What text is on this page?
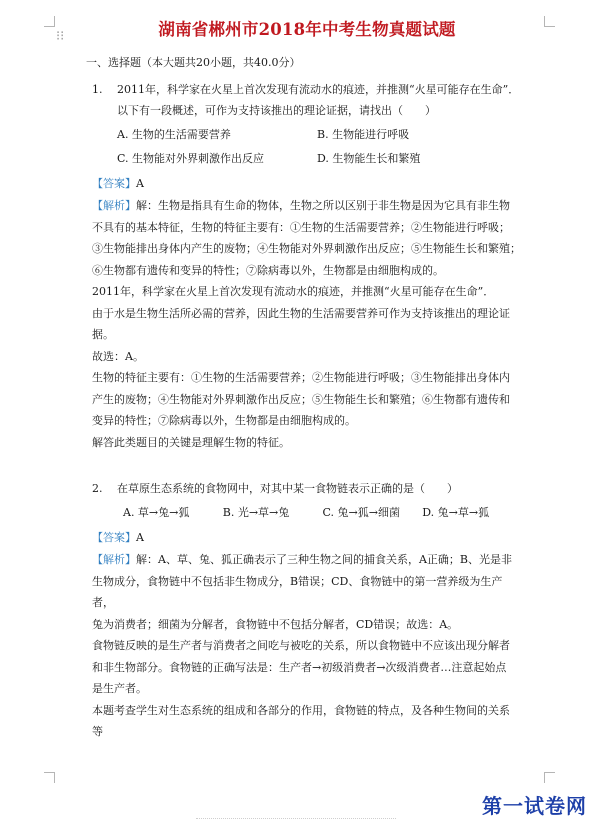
⁝⁝	湖南省郴州市2018年中考生物真题试题
一、选择题（本大题共20小题，共40.0分）
1.	2011年，科学家在火星上首次发现有流动水的痕迹，并推测“火星可能存在生命”．
以下有一段概述，可作为支持该推出的理论证据，请找出（　　）
A. 生物的生活需要营养	B. 生物能进行呼吸
C. 生物能对外界刺激作出反应	D. 生物能生长和繁殖
【答案】A
【解析】解：生物是指具有生命的物体，生物之所以区别于非生物是因为它具有非生物
不具有的基本特征，生物的特征主要有：①生物的生活需要营养；②生物能进行呼吸；
③生物能排出身体内产生的废物；④生物能对外界刺激作出反应；⑤生物能生长和繁殖；
⑥生物都有遗传和变异的特性；⑦除病毒以外，生物都是由细胞构成的。
2011年，科学家在火星上首次发现有流动水的痕迹，并推测“火星可能存在生命”．
由于水是生物生活所必需的营养，因此生物的生活需要营养可作为支持该推出的理论证
据。
故选：A。
生物的特征主要有：①生物的生活需要营养；②生物能进行呼吸；③生物能排出身体内
产生的废物；④生物能对外界刺激作出反应；⑤生物能生长和繁殖；⑥生物都有遗传和
变异的特性；⑦除病毒以外，生物都是由细胞构成的。
解答此类题目的关键是理解生物的特征。
2.	在草原生态系统的食物网中，对其中某一食物链表示正确的是（　　）
A. 草→兔→狐	B. 光→草→兔	C. 兔→狐→细菌	D. 兔→草→狐
【答案】A
【解析】解：A、草、兔、狐正确表示了三种生物之间的捕食关系，A正确；B、光是非
生物成分，食物链中不包括非生物成分，B错误；CD、食物链中的第一营养级为生产者，
兔为消费者；细菌为分解者，食物链中不包括分解者，CD错误；故选：A。
食物链反映的是生产者与消费者之间吃与被吃的关系，所以食物链中不应该出现分解者
和非生物部分。食物链的正确写法是：生产者→初级消费者→次级消费者…注意起始点
是生产者。
本题考查学生对生态系统的组成和各部分的作用，食物链的特点，及各种生物间的关系
等
第一试卷网
